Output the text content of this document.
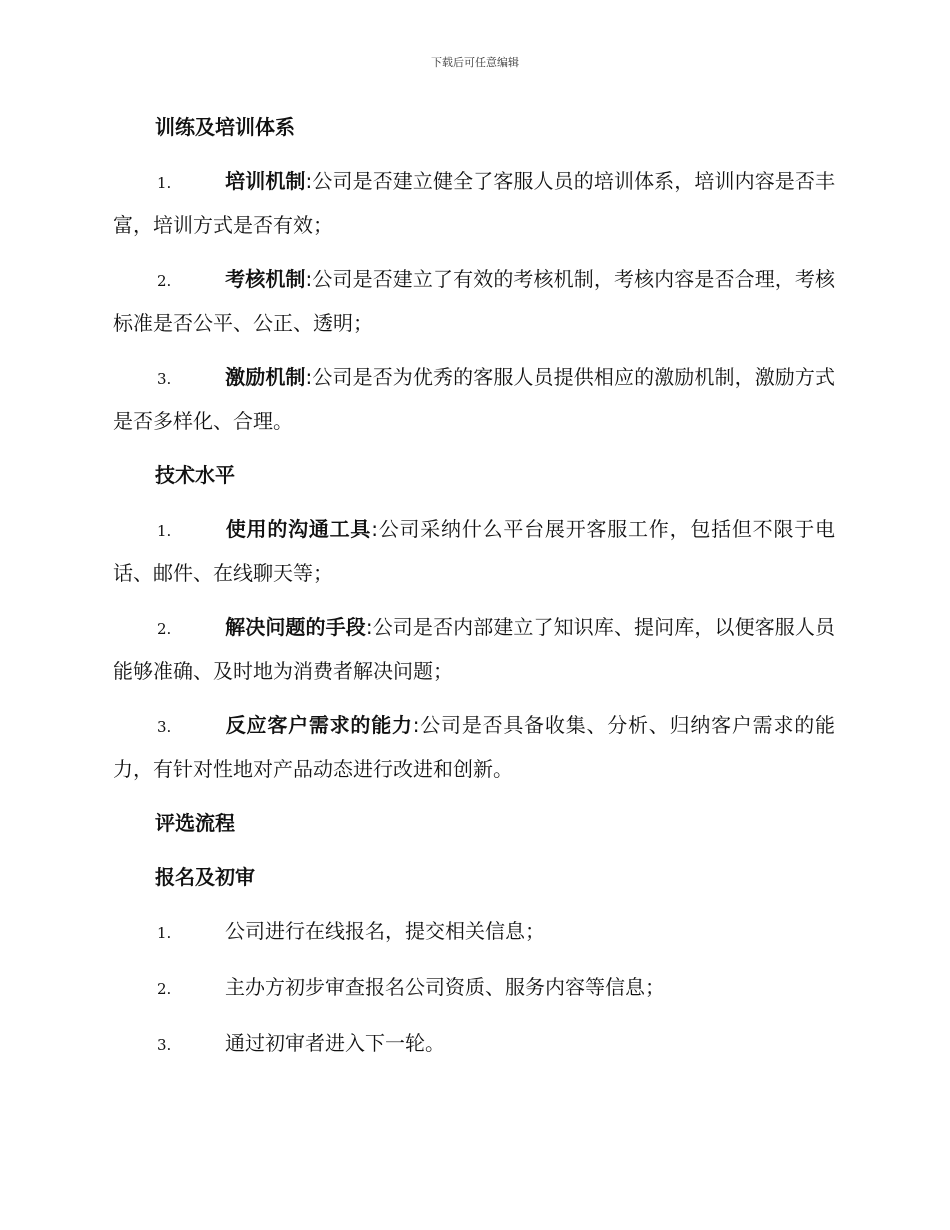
下载后可任意编辑
训练及培训体系
1.	培训机制:公司是否建立健全了客服人员的培训体系，培训内容是否丰富，培训方式是否有效；
2.	考核机制:公司是否建立了有效的考核机制，考核内容是否合理，考核标准是否公平、公正、透明；
3.	激励机制:公司是否为优秀的客服人员提供相应的激励机制，激励方式是否多样化、合理。
技术水平
1.	使用的沟通工具:公司采纳什么平台展开客服工作，包括但不限于电话、邮件、在线聊天等；
2.	解决问题的手段:公司是否内部建立了知识库、提问库，以便客服人员能够准确、及时地为消费者解决问题；
3.	反应客户需求的能力:公司是否具备收集、分析、归纳客户需求的能力，有针对性地对产品动态进行改进和创新。
评选流程
报名及初审
1.	公司进行在线报名，提交相关信息；
2.	主办方初步审查报名公司资质、服务内容等信息；
3.	通过初审者进入下一轮。
